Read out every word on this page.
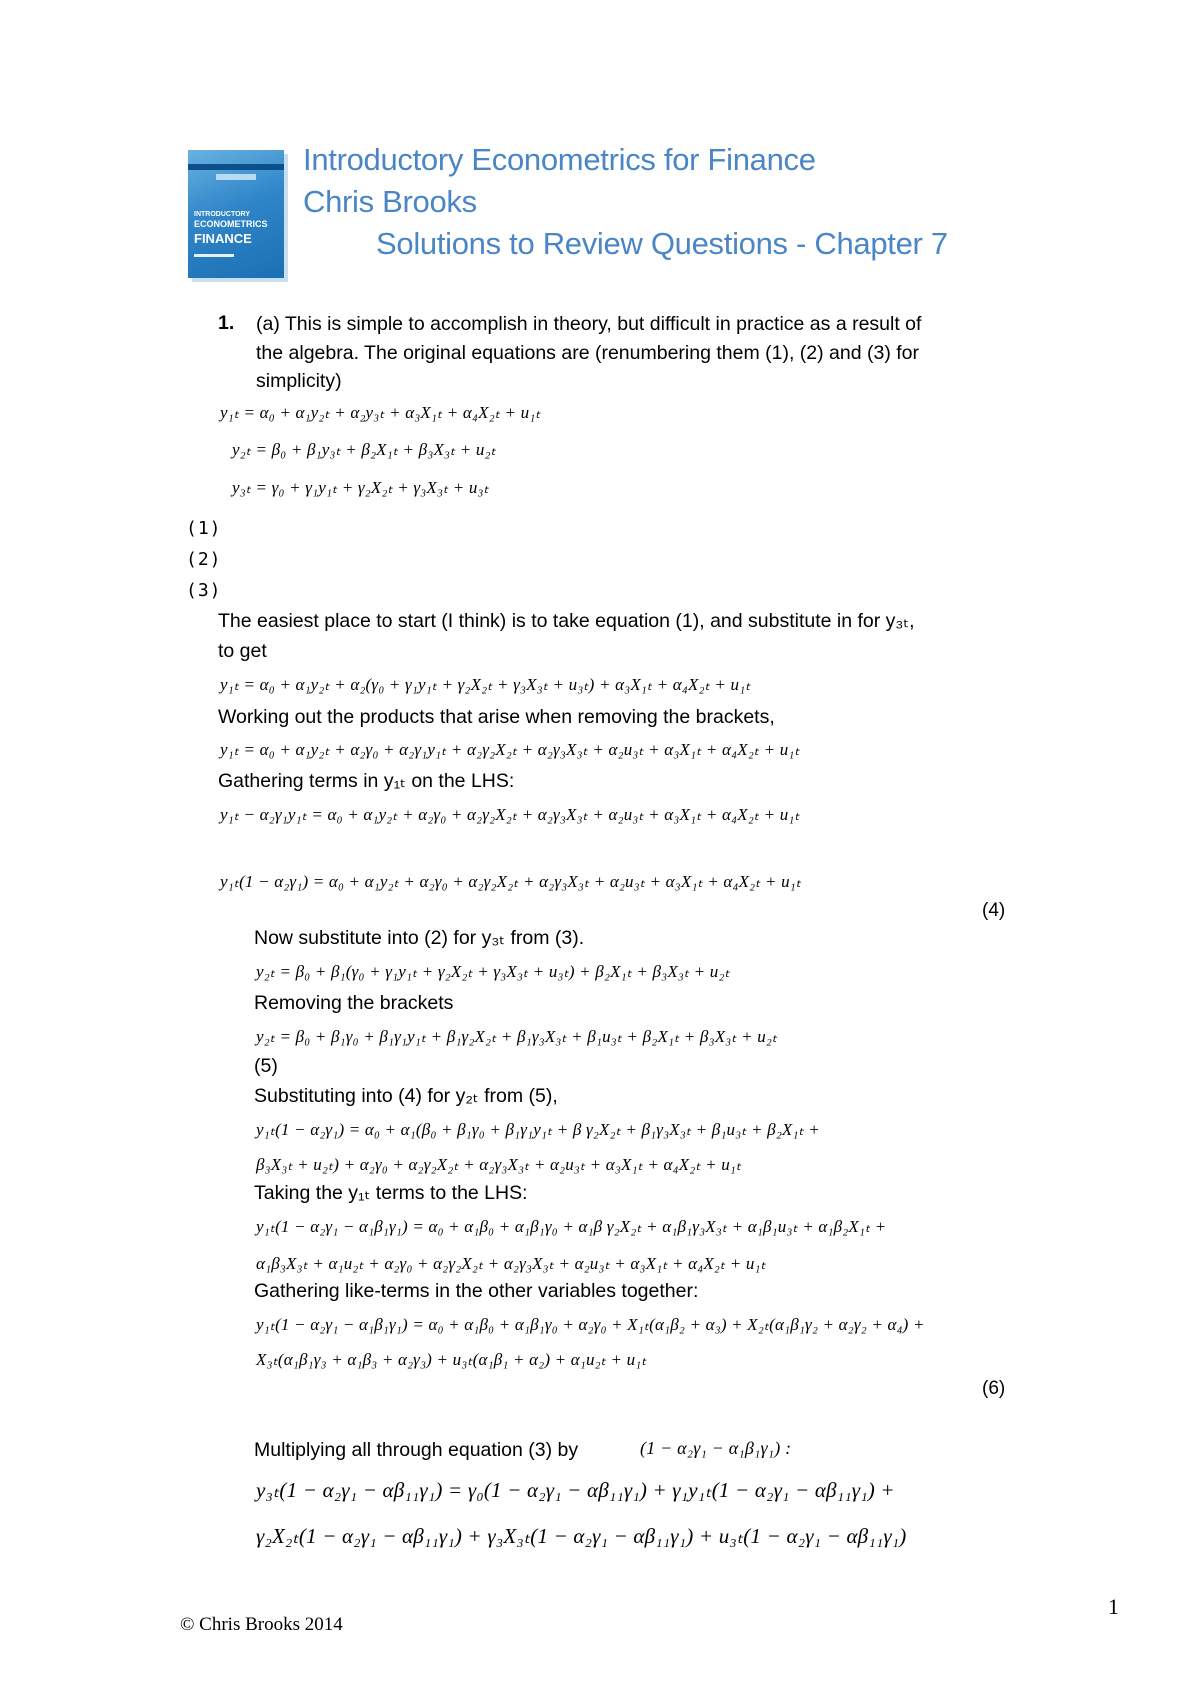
INTRODUCTORY
ECONOMETRICS
FINANCE
Introductory Econometrics for Finance
Chris Brooks
Solutions to Review Questions - Chapter 7
1. (a) This is simple to accomplish in theory, but difficult in practice as a result of
the algebra. The original equations are (renumbering them (1), (2) and (3) for
simplicity)
y₁ₜ = α₀ + α₁y₂ₜ + α₂y₃ₜ + α₃X₁ₜ + α₄X₂ₜ + u₁ₜ
y₂ₜ = β₀ + β₁y₃ₜ + β₂X₁ₜ + β₃X₃ₜ + u₂ₜ
y₃ₜ = γ₀ + γ₁y₁ₜ + γ₂X₂ₜ + γ₃X₃ₜ + u₃ₜ
(1)
(2)
(3)
The easiest place to start (I think) is to take equation (1), and substitute in for y₃ₜ,
to get
y₁ₜ = α₀ + α₁y₂ₜ + α₂(γ₀ + γ₁y₁ₜ + γ₂X₂ₜ + γ₃X₃ₜ + u₃ₜ) + α₃X₁ₜ + α₄X₂ₜ + u₁ₜ
Working out the products that arise when removing the brackets,
y₁ₜ = α₀ + α₁y₂ₜ + α₂γ₀ + α₂γ₁y₁ₜ + α₂γ₂X₂ₜ + α₂γ₃X₃ₜ + α₂u₃ₜ + α₃X₁ₜ + α₄X₂ₜ + u₁ₜ
Gathering terms in y₁ₜ on the LHS:
y₁ₜ − α₂γ₁y₁ₜ = α₀ + α₁y₂ₜ + α₂γ₀ + α₂γ₂X₂ₜ + α₂γ₃X₃ₜ + α₂u₃ₜ + α₃X₁ₜ + α₄X₂ₜ + u₁ₜ
y₁ₜ(1 − α₂γ₁) = α₀ + α₁y₂ₜ + α₂γ₀ + α₂γ₂X₂ₜ + α₂γ₃X₃ₜ + α₂u₃ₜ + α₃X₁ₜ + α₄X₂ₜ + u₁ₜ
(4)
Now substitute into (2) for y₃ₜ from (3).
y₂ₜ = β₀ + β₁(γ₀ + γ₁y₁ₜ + γ₂X₂ₜ + γ₃X₃ₜ + u₃ₜ) + β₂X₁ₜ + β₃X₃ₜ + u₂ₜ
Removing the brackets
y₂ₜ = β₀ + β₁γ₀ + β₁γ₁y₁ₜ + β₁γ₂X₂ₜ + β₁γ₃X₃ₜ + β₁u₃ₜ + β₂X₁ₜ + β₃X₃ₜ + u₂ₜ
(5)
Substituting into (4) for y₂ₜ from (5),
y₁ₜ(1 − α₂γ₁) = α₀ + α₁(β₀ + β₁γ₀ + β₁γ₁y₁ₜ + β γ₂X₂ₜ + β₁γ₃X₃ₜ + β₁u₃ₜ + β₂X₁ₜ +
β₃X₃ₜ + u₂ₜ) + α₂γ₀ + α₂γ₂X₂ₜ + α₂γ₃X₃ₜ + α₂u₃ₜ + α₃X₁ₜ + α₄X₂ₜ + u₁ₜ
Taking the y₁ₜ terms to the LHS:
y₁ₜ(1 − α₂γ₁ − α₁β₁γ₁) = α₀ + α₁β₀ + α₁β₁γ₀ + α₁β γ₂X₂ₜ + α₁β₁γ₃X₃ₜ + α₁β₁u₃ₜ + α₁β₂X₁ₜ +
α₁β₃X₃ₜ + α₁u₂ₜ + α₂γ₀ + α₂γ₂X₂ₜ + α₂γ₃X₃ₜ + α₂u₃ₜ + α₃X₁ₜ + α₄X₂ₜ + u₁ₜ
Gathering like-terms in the other variables together:
y₁ₜ(1 − α₂γ₁ − α₁β₁γ₁) = α₀ + α₁β₀ + α₁β₁γ₀ + α₂γ₀ + X₁ₜ(α₁β₂ + α₃) + X₂ₜ(α₁β₁γ₂ + α₂γ₂ + α₄) +
X₃ₜ(α₁β₁γ₃ + α₁β₃ + α₂γ₃) + u₃ₜ(α₁β₁ + α₂) + α₁u₂ₜ + u₁ₜ
(6)
Multiplying all through equation (3) by	(1 − α₂γ₁ − α₁β₁γ₁) :
y₃ₜ(1 − α₂γ₁ − αβ₁₁γ₁) = γ₀(1 − α₂γ₁ − αβ₁₁γ₁) + γ₁y₁ₜ(1 − α₂γ₁ − αβ₁₁γ₁) +
γ₂X₂ₜ(1 − α₂γ₁ − αβ₁₁γ₁) + γ₃X₃ₜ(1 − α₂γ₁ − αβ₁₁γ₁) + u₃ₜ(1 − α₂γ₁ − αβ₁₁γ₁)
© Chris Brooks 2014
1
